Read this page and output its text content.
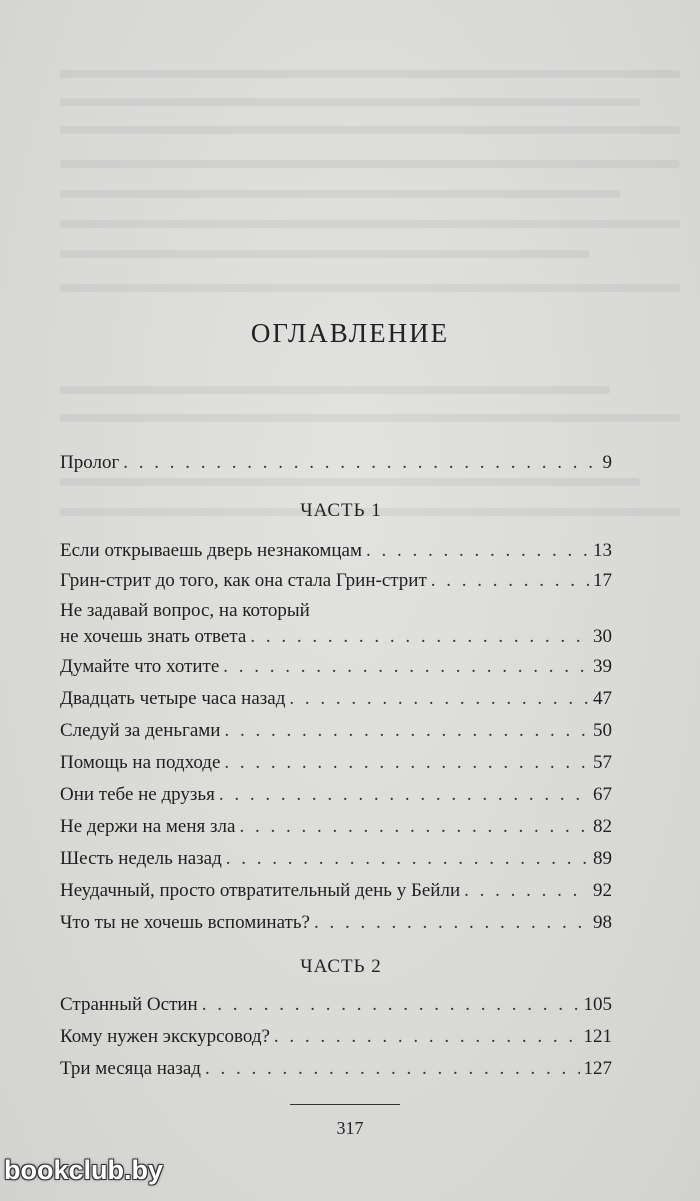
ОГЛАВЛЕНИЕ
Пролог . . .	9
ЧАСТЬ 1
Если открываешь дверь незнакомцам . . .	13
Грин-стрит до того, как она стала Грин-стрит . . .	17
Не задавай вопрос, на который
не хочешь знать ответа . . .	30
Думайте что хотите . . .	39
Двадцать четыре часа назад . . .	47
Следуй за деньгами . . .	50
Помощь на подходе . . .	57
Они тебе не друзья . . .	67
Не держи на меня зла . . .	82
Шесть недель назад . . .	89
Неудачный, просто отвратительный день у Бейли . . .	92
Что ты не хочешь вспоминать? . . .	98
ЧАСТЬ 2
Странный Остин . . .	105
Кому нужен экскурсовод? . . .	121
Три месяца назад . . .	127
317
bookclub.by
